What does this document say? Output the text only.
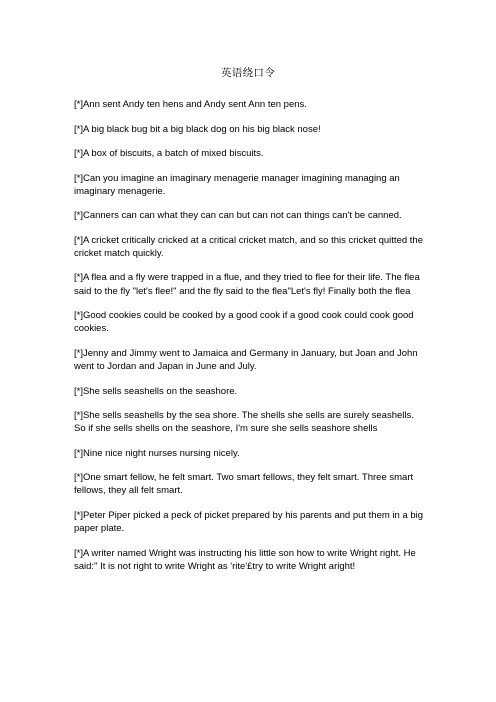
英语绕口令

[*]Ann sent Andy ten hens and Andy sent Ann ten pens.

[*]A big black bug bit a big black dog on his big black nose!

[*]A box of biscuits, a batch of mixed biscuits.

[*]Can you imagine an imaginary menagerie manager imagining managing an imaginary menagerie.

[*]Canners can can what they can can but can not can things can't be canned.

[*]A cricket critically cricked at a critical cricket match, and so this cricket quitted the cricket match quickly.

[*]A flea and a fly were trapped in a flue, and they tried to flee for their life. The flea said to the fly "let's flee!" and the fly said to the flea"Let's fly! Finally both the flea

[*]Good cookies could be cooked by a good cook if a good cook could cook good cookies.

[*]Jenny and Jimmy went to Jamaica and Germany in January, but Joan and John went to Jordan and Japan in June and July.

[*]She sells seashells on the seashore.

[*]She sells seashells by the sea shore. The shells she sells are surely seashells. So if she sells shells on the seashore, I'm sure she sells seashore shells

[*]Nine nice night nurses nursing nicely.

[*]One smart fellow, he felt smart. Two smart fellows, they felt smart. Three smart fellows, they all felt smart.

[*]Peter Piper picked a peck of picket prepared by his parents and put them in a big paper plate.

[*]A writer named Wright was instructing his little son how to write Wright right. He said:" It is not right to write Wright as 'rite'£try to write Wright aright!
